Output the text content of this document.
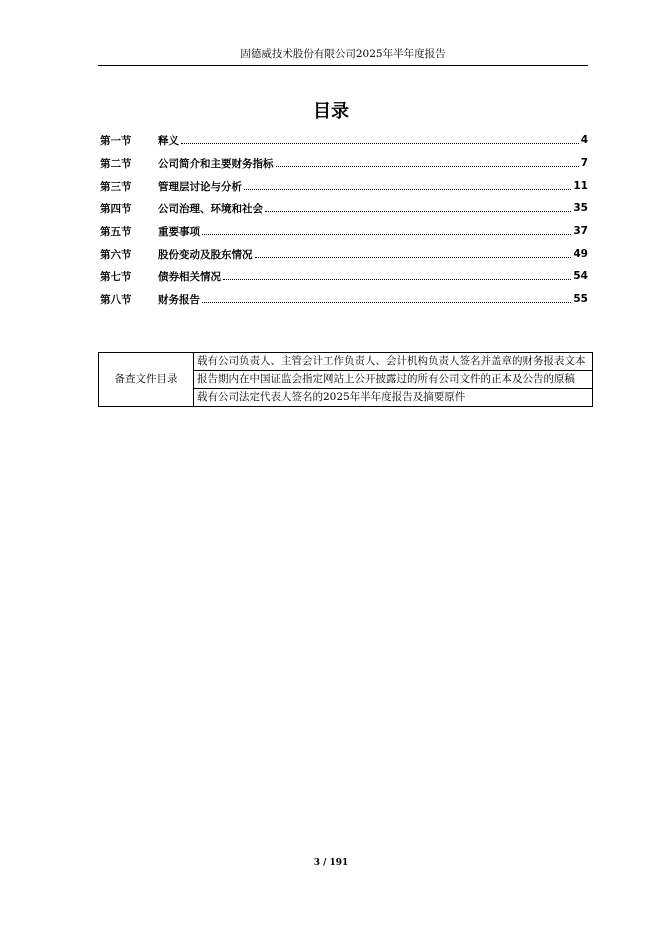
固德威技术股份有限公司2025年半年度报告
目录
第一节	释义	4
第二节	公司简介和主要财务指标	7
第三节	管理层讨论与分析	11
第四节	公司治理、环境和社会	35
第五节	重要事项	37
第六节	股份变动及股东情况	49
第七节	债券相关情况	54
第八节	财务报告	55
备查文件目录	载有公司负责人、主管会计工作负责人、会计机构负责人签名并盖章的财务报表文本
报告期内在中国证监会指定网站上公开披露过的所有公司文件的正本及公告的原稿
载有公司法定代表人签名的2025年半年度报告及摘要原件
3 / 191
